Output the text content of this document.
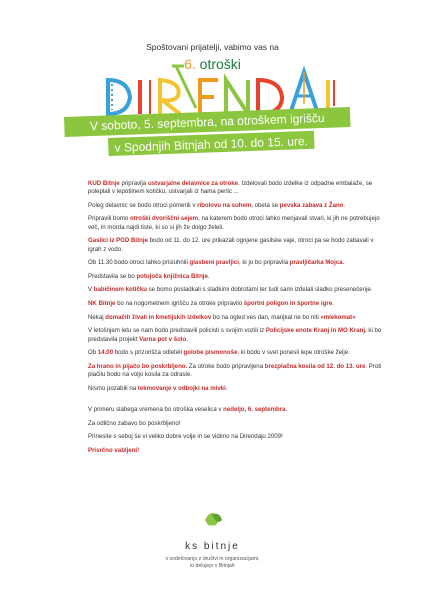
Spoštovani prijatelji, vabimo vas na
6. otroški
V soboto, 5. septembra, na otroškem igrišču
v Spodnjih Bitnjah od 10. do 15. ure.

KUD Bitnje pripravlja ustvarjalne delavnice za otroke. Izdelovali bodo izdelke iz odpadne embalaže, se poleplali v lepotilnem kotičku, ustvarjali iz hama perlic ...

Poleg delavnic se bodo otroci pomerili v ribolovu na suhem, obeta se pevska zabava z Žano.

Pripravili bomo otroški dvoriščni sejem, na katerem bodo otroci lahko menjavali stvari, ki jih ne potrebujejo več, in morda najdi tiste, ki so si jih že dolgo želeli.

Gasilci iz PGD Bitnje bodo od 11. do 12. ure prikazali ognjene gasilske vaje, otroci pa se bodo zabavali v igrah z vodo.

Ob 11.30 bodo otroci lahko prisluhnili glasbeni pravljici, ki jo bo pripravila pravljičarka Mojca.

Predstavila se bo potujoča knjižnica Bitnje.

V babičinem kotičku se bomo posladkali s sladkimi dobrotami ter tudi sami izdelali sladko presenečenje.

NK Bitnje bo na nogometnem igrišču za otroke pripravilo športni poligon in športne igre.

Nekaj domačih živali in kmetijskih izdelkov bo na ogled ves dan, manjkal ne bo niti »mlekomat«

V letošnjem letu se nam bodo predstavili policisti s svojim vozili iz Policijske enote Kranj in MO Kranj, ki bo predstavila projekt Varna pot v šolo.

Ob 14.00 bodo s prizorišča odleteli golobe pismonoše, ki bodo v svet ponesli lepe otroške želje.

Za hrano in pijačo bo poskrbljeno. Za otroke bodo pripravljena brezplačna kosila od 12. do 13. ure. Proti plačilu bodo na voljo kosila za odrasle.

Nismo pozabili na tekmovanje v odbojki na mivki.

V primeru slabega vremena bo otroška veselica v nedeljo, 6. septembra.

Za odlično zabavo bo poskrbljeno!

Prinesite s seboj še vi veliko dobre volje in se vidimo na Direndaju 2009!

Prisrčno vabljeni!

ks bitnje
v sodelovanju z društvi in organizacijami,
ki delujejo v Bitnjah
